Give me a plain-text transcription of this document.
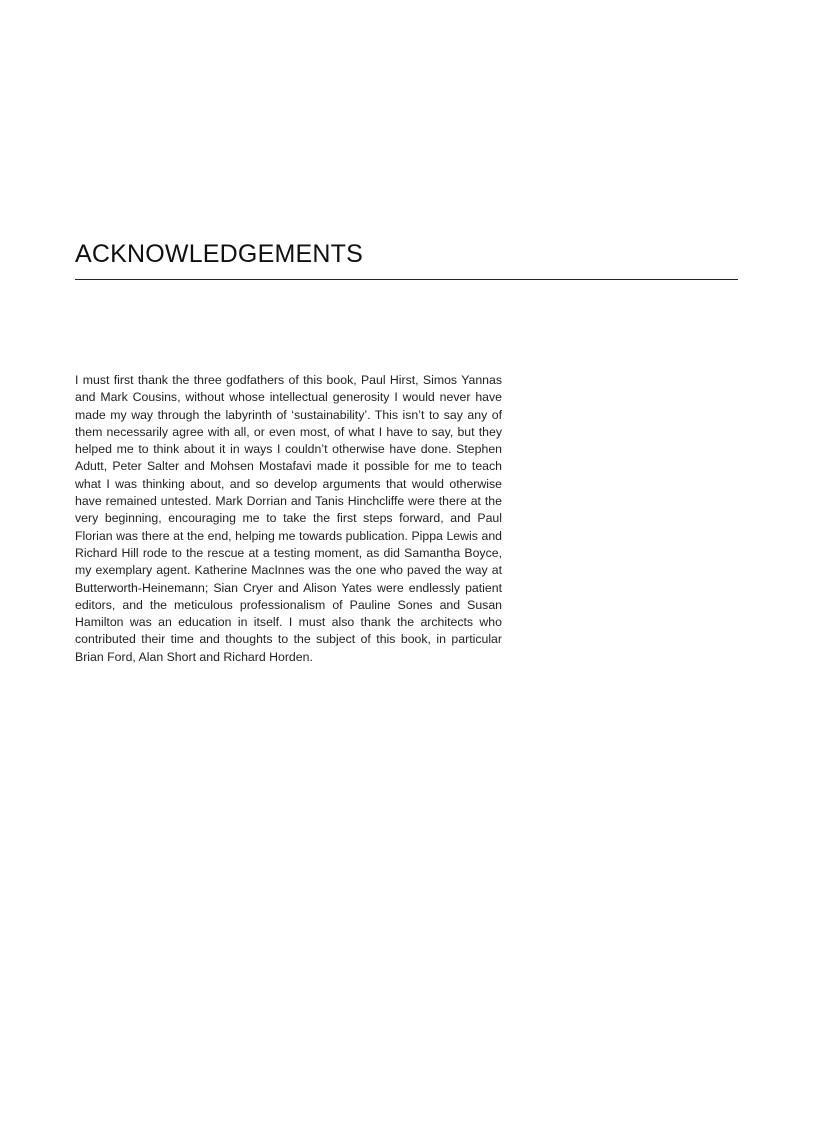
ACKNOWLEDGEMENTS

I must first thank the three godfathers of this book, Paul Hirst, Simos Yannas and Mark Cousins, without whose intellectual generosity I would never have made my way through the labyrinth of ‘sustainability’. This isn’t to say any of them necessarily agree with all, or even most, of what I have to say, but they helped me to think about it in ways I couldn’t otherwise have done. Stephen Adutt, Peter Salter and Mohsen Mostafavi made it possible for me to teach what I was thinking about, and so develop arguments that would otherwise have remained untested. Mark Dorrian and Tanis Hinchcliffe were there at the very beginning, encouraging me to take the first steps forward, and Paul Florian was there at the end, helping me towards publication. Pippa Lewis and Richard Hill rode to the rescue at a testing moment, as did Samantha Boyce, my exemplary agent. Katherine MacInnes was the one who paved the way at Butterworth-Heinemann; Sian Cryer and Alison Yates were endlessly patient editors, and the meticulous professionalism of Pauline Sones and Susan Hamilton was an education in itself. I must also thank the architects who contributed their time and thoughts to the subject of this book, in particular Brian Ford, Alan Short and Richard Horden.
